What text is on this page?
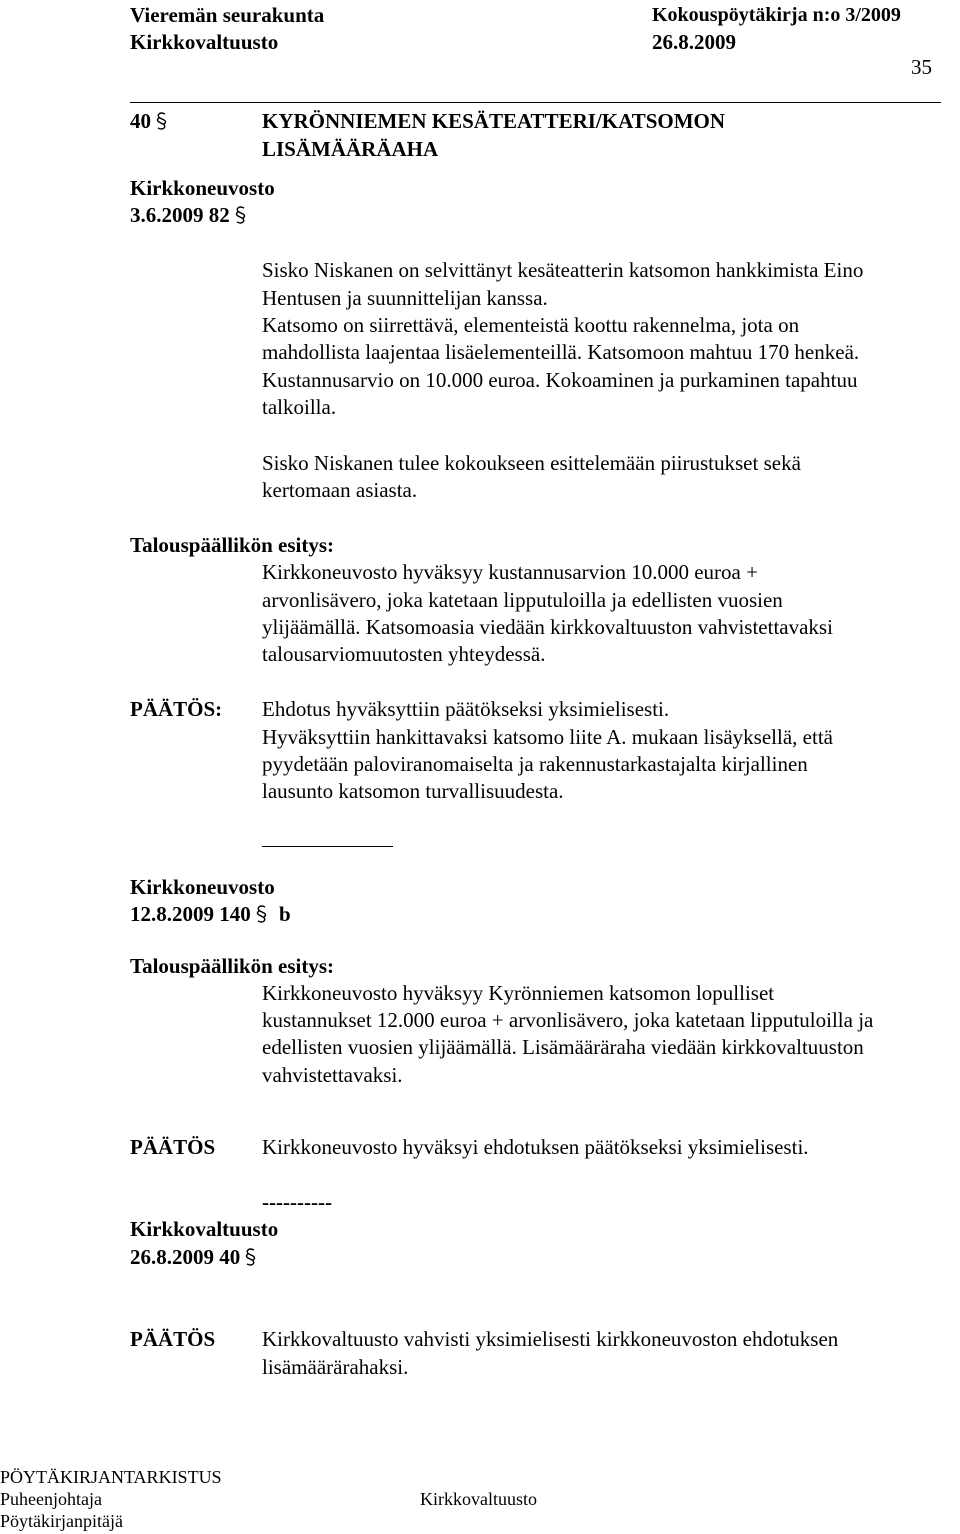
Vieremän seurakunta	Kokouspöytäkirja n:o 3/2009
Kirkkovaltuusto	26.8.2009
35
40	KYRÖNNIEMEN KESÄTEATTERI/KATSOMON
LISÄMÄÄRÄAHA
Kirkkoneuvosto
3.6.2009 82
Sisko Niskanen on selvittänyt kesäteatterin katsomon hankkimista Eino
Hentusen ja suunnittelijan kanssa.
Katsomo on siirrettävä, elementeistä koottu rakennelma, jota on
mahdollista laajentaa lisäelementeillä. Katsomoon mahtuu 170 henkeä.
Kustannusarvio on 10.000 euroa. Kokoaminen ja purkaminen tapahtuu
talkoilla.
Sisko Niskanen tulee kokoukseen esittelemään piirustukset sekä
kertomaan asiasta.
Talouspäällikön esitys:
Kirkkoneuvosto hyväksyy kustannusarvion 10.000 euroa +
arvonlisävero, joka katetaan lipputuloilla ja edellisten vuosien
ylijäämällä. Katsomoasia viedään kirkkovaltuuston vahvistettavaksi
talousarviomuutosten yhteydessä.
PÄÄTÖS: Ehdotus hyväksyttiin päätökseksi yksimielisesti.
Hyväksyttiin hankittavaksi katsomo liite A. mukaan lisäyksellä, että
pyydetään paloviranomaiselta ja rakennustarkastajalta kirjallinen
lausunto katsomon turvallisuudesta.
Kirkkoneuvosto
12.8.2009 140 b
Talouspäällikön esitys:
Kirkkoneuvosto hyväksyy Kyrönniemen katsomon lopulliset
kustannukset 12.000 euroa + arvonlisävero, joka katetaan lipputuloilla ja
edellisten vuosien ylijäämällä. Lisämääräraha viedään kirkkovaltuuston
vahvistettavaksi.
PÄÄTÖS Kirkkoneuvosto hyväksyi ehdotuksen päätökseksi yksimielisesti.
----------
Kirkkovaltuusto
26.8.2009 40
PÄÄTÖS Kirkkovaltuusto vahvisti yksimielisesti kirkkoneuvoston ehdotuksen
lisämäärärahaksi.
PÖYTÄKIRJANTARKISTUS
Puheenjohtaja	Kirkkovaltuusto
Pöytäkirjanpitäjä
